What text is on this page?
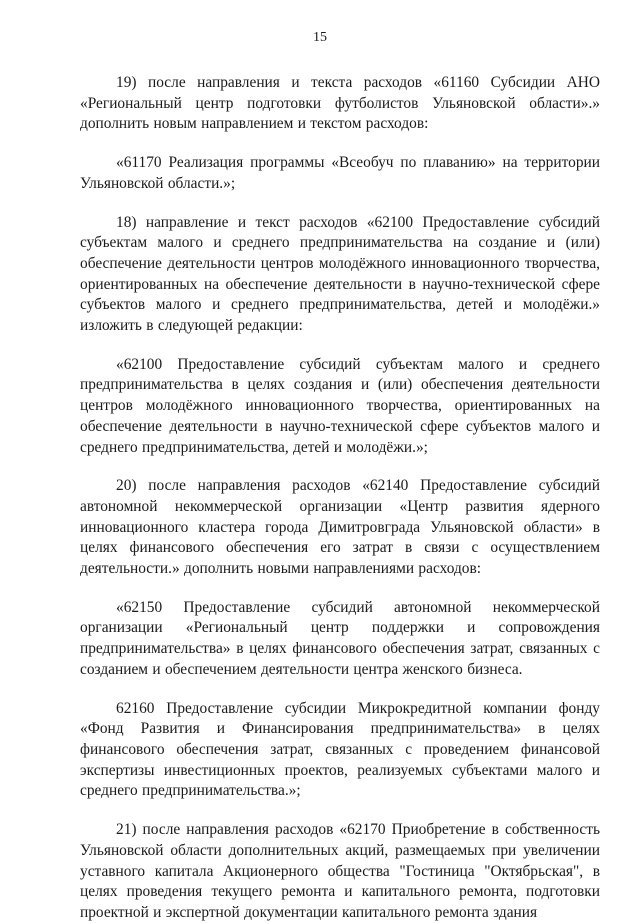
15

19) после направления и текста расходов «61160 Субсидии АНО «Региональный центр подготовки футболистов Ульяновской области».» дополнить новым направлением и текстом расходов:

«61170 Реализация программы «Всеобуч по плаванию» на территории Ульяновской области.»;

18) направление и текст расходов «62100 Предоставление субсидий субъектам малого и среднего предпринимательства на создание и (или) обеспечение деятельности центров молодёжного инновационного творчества, ориентированных на обеспечение деятельности в научно-технической сфере субъектов малого и среднего предпринимательства, детей и молодёжи.» изложить в следующей редакции:

«62100 Предоставление субсидий субъектам малого и среднего предпринимательства в целях создания и (или) обеспечения деятельности центров молодёжного инновационного творчества, ориентированных на обеспечение деятельности в научно-технической сфере субъектов малого и среднего предпринимательства, детей и молодёжи.»;

20) после направления расходов «62140 Предоставление субсидий автономной некоммерческой организации «Центр развития ядерного инновационного кластера города Димитровграда Ульяновской области» в целях финансового обеспечения его затрат в связи с осуществлением деятельности.» дополнить новыми направлениями расходов:

«62150 Предоставление субсидий автономной некоммерческой организации «Региональный центр поддержки и сопровождения предпринимательства» в целях финансового обеспечения затрат, связанных с созданием и обеспечением деятельности центра женского бизнеса.

62160 Предоставление субсидии Микрокредитной компании фонду «Фонд Развития и Финансирования предпринимательства» в целях финансового обеспечения затрат, связанных с проведением финансовой экспертизы инвестиционных проектов, реализуемых субъектами малого и среднего предпринимательства.»;

21) после направления расходов «62170 Приобретение в собственность Ульяновской области дополнительных акций, размещаемых при увеличении уставного капитала Акционерного общества "Гостиница "Октябрьская", в целях проведения текущего ремонта и капитального ремонта, подготовки проектной и экспертной документации капитального ремонта здания
